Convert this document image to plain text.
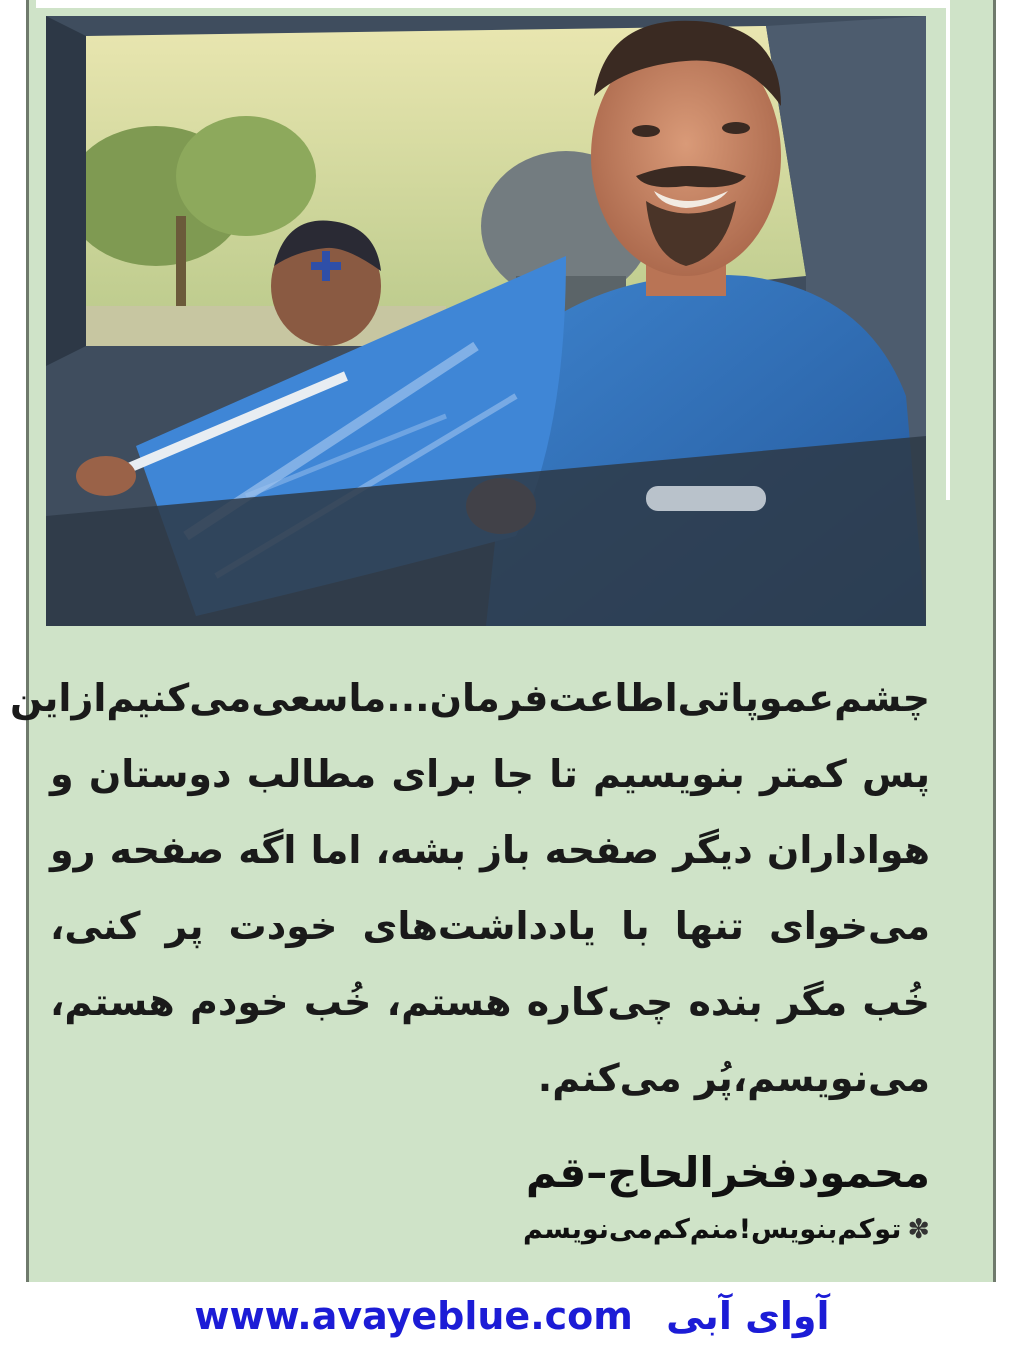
چشم‌عموپاتی‌اطاعت‌فرمان...ماسعی‌می‌کنیم‌ازاین پس کمتر بنویسیم تا جا برای مطالب دوستان و هواداران دیگر صفحه باز بشه، اما اگه صفحه رو می‌خوای تنها با یادداشت‌های خودت پر کنی، خُب مگر بنده چی‌کاره هستم، خُب خودم هستم، می‌نویسم،پُر می‌کنم.
محمودفخرالحاج–قم
✽توکم‌بنویس!منم‌کم‌می‌نویسم
www.avayeblue.com آوای آبی
